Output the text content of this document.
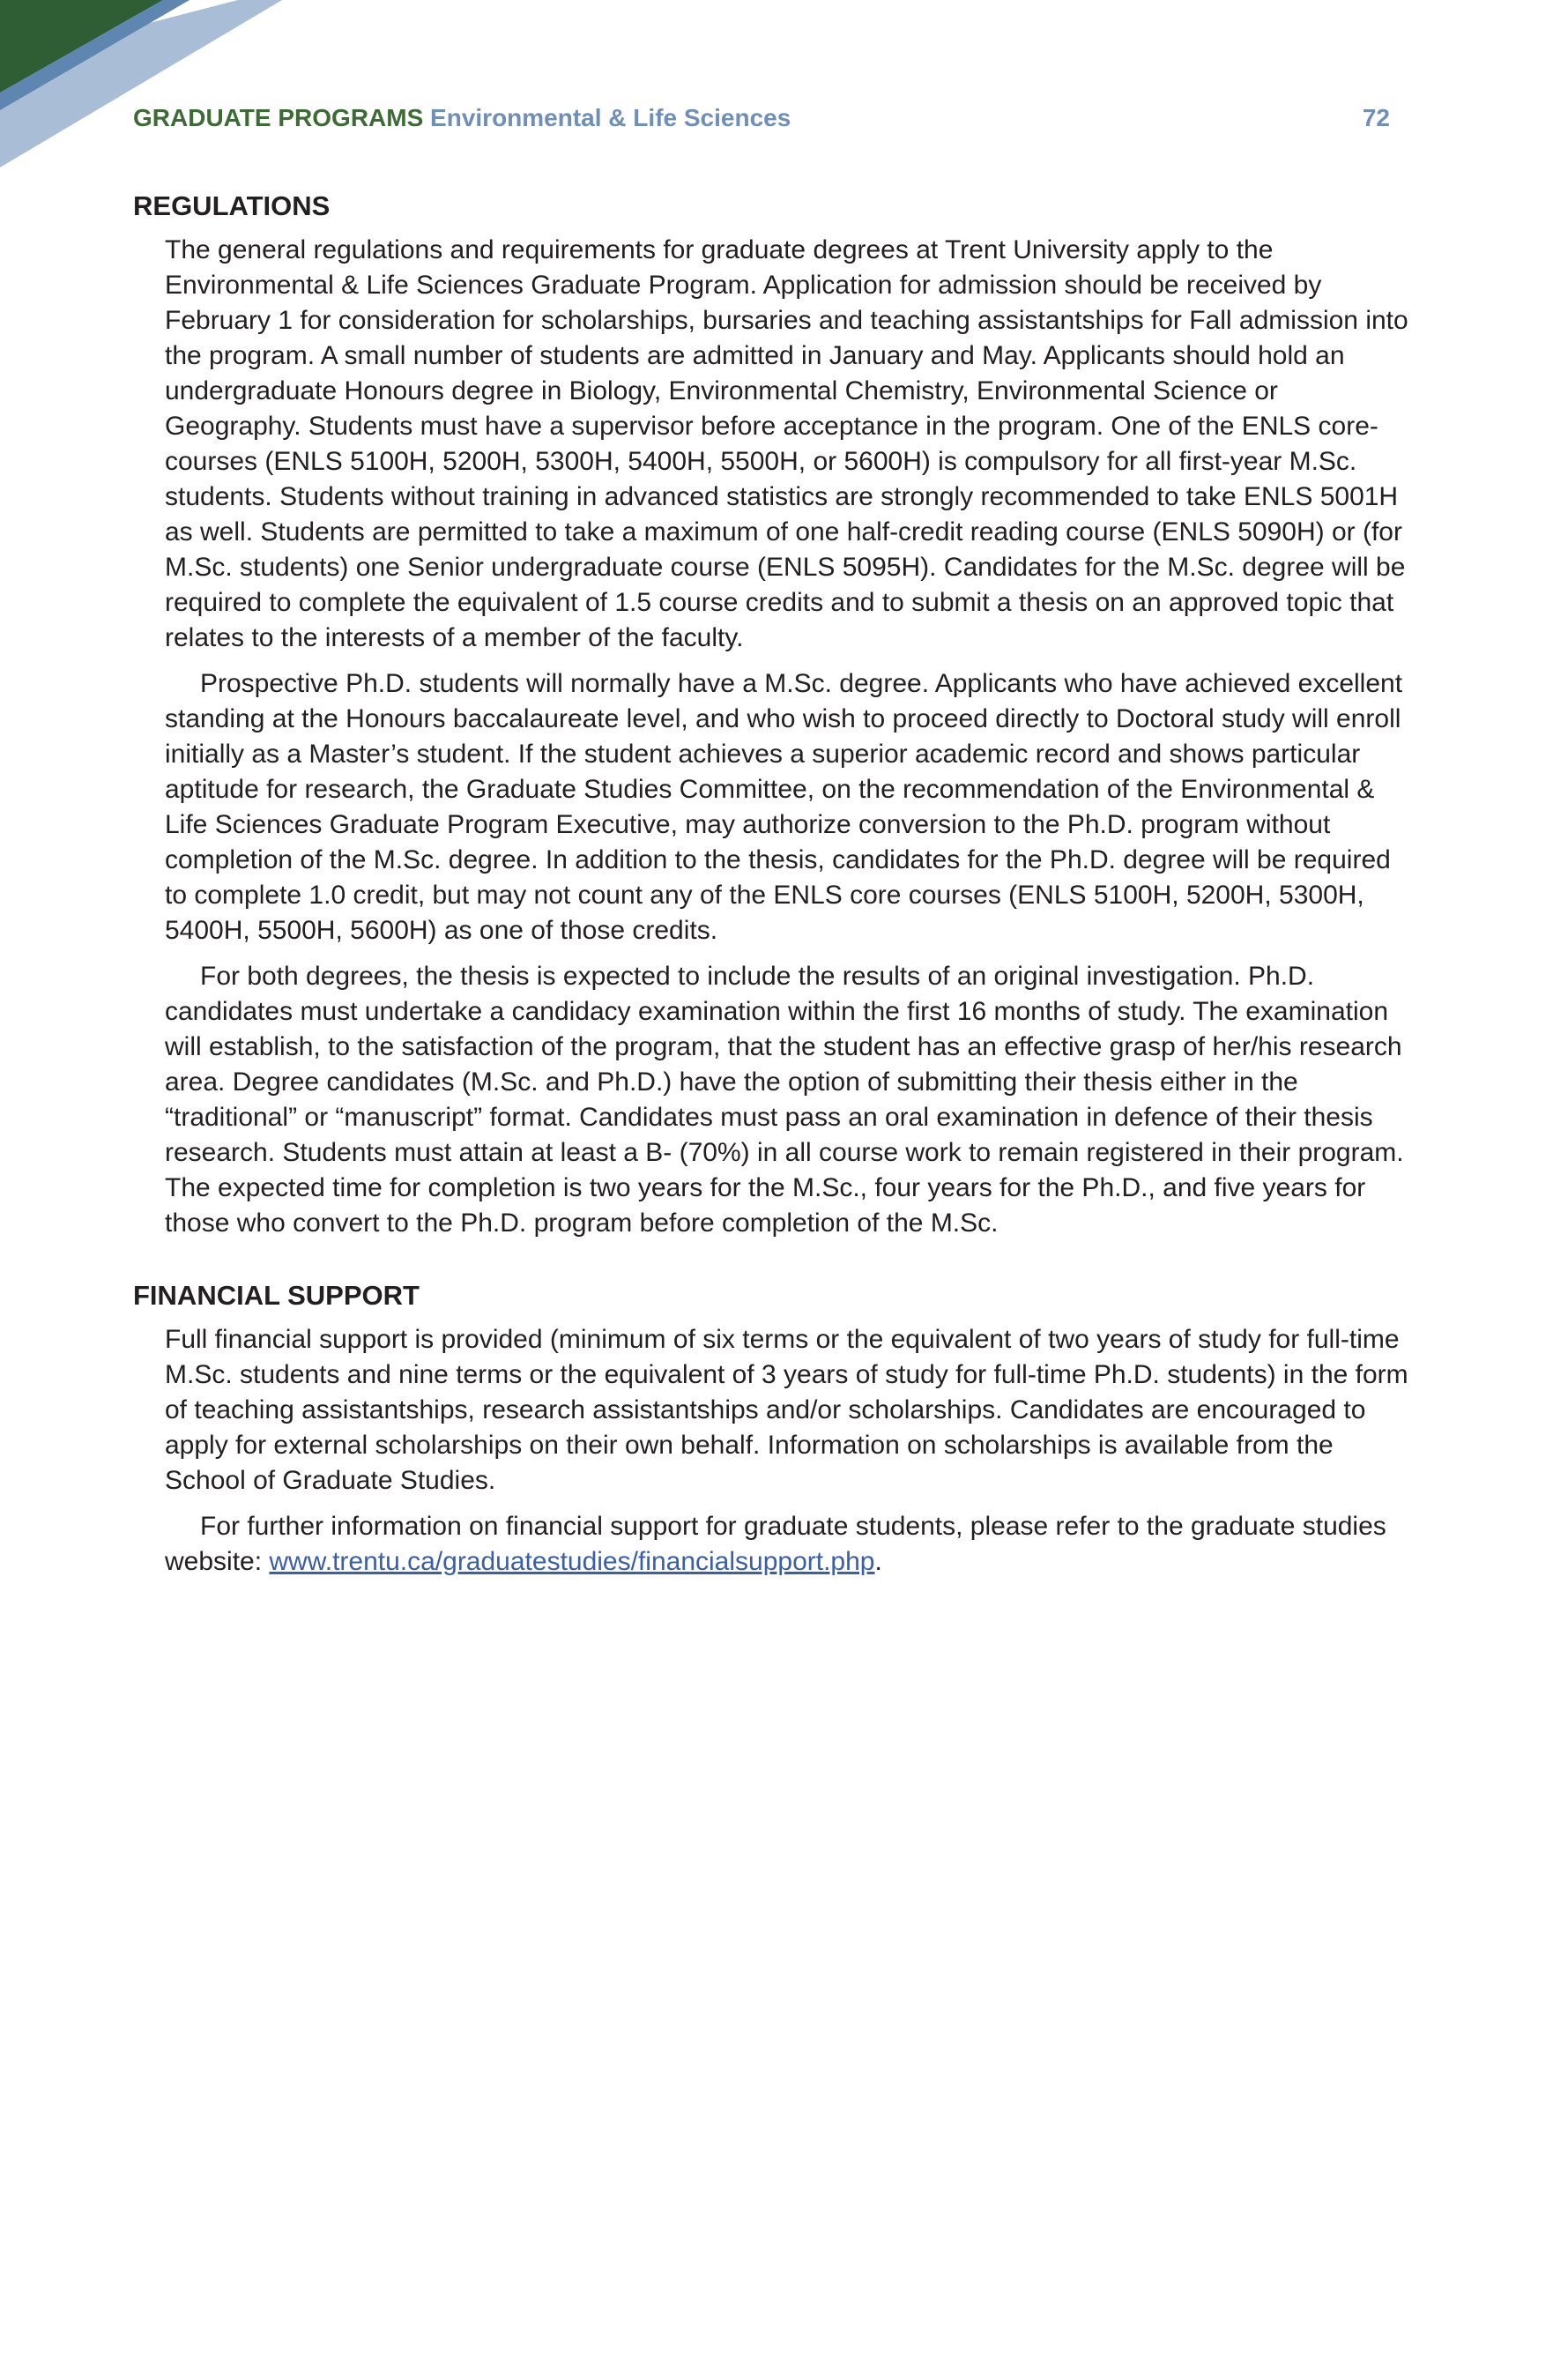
GRADUATE PROGRAMS Environmental & Life Sciences	72
REGULATIONS

The general regulations and requirements for graduate degrees at Trent University apply to the Environmental & Life Sciences Graduate Program. Application for admission should be received by February 1 for consideration for scholarships, bursaries and teaching assistantships for Fall admission into the program. A small number of students are admitted in January and May. Applicants should hold an undergraduate Honours degree in Biology, Environmental Chemistry, Environmental Science or Geography. Students must have a supervisor before acceptance in the program. One of the ENLS core-courses (ENLS 5100H, 5200H, 5300H, 5400H, 5500H, or 5600H) is compulsory for all first-year M.Sc. students. Students without training in advanced statistics are strongly recommended to take ENLS 5001H as well. Students are permitted to take a maximum of one half-credit reading course (ENLS 5090H) or (for M.Sc. students) one Senior undergraduate course (ENLS 5095H). Candidates for the M.Sc. degree will be required to complete the equivalent of 1.5 course credits and to submit a thesis on an approved topic that relates to the interests of a member of the faculty.

Prospective Ph.D. students will normally have a M.Sc. degree. Applicants who have achieved excellent standing at the Honours baccalaureate level, and who wish to proceed directly to Doctoral study will enroll initially as a Master’s student. If the student achieves a superior academic record and shows particular aptitude for research, the Graduate Studies Committee, on the recommendation of the Environmental & Life Sciences Graduate Program Executive, may authorize conversion to the Ph.D. program without completion of the M.Sc. degree. In addition to the thesis, candidates for the Ph.D. degree will be required to complete 1.0 credit, but may not count any of the ENLS core courses (ENLS 5100H, 5200H, 5300H, 5400H, 5500H, 5600H) as one of those credits.

For both degrees, the thesis is expected to include the results of an original investigation. Ph.D. candidates must undertake a candidacy examination within the first 16 months of study. The examination will establish, to the satisfaction of the program, that the student has an effective grasp of her/his research area. Degree candidates (M.Sc. and Ph.D.) have the option of submitting their thesis either in the “traditional” or “manuscript” format. Candidates must pass an oral examination in defence of their thesis research. Students must attain at least a B- (70%) in all course work to remain registered in their program. The expected time for completion is two years for the M.Sc., four years for the Ph.D., and five years for those who convert to the Ph.D. program before completion of the M.Sc.

FINANCIAL SUPPORT

Full financial support is provided (minimum of six terms or the equivalent of two years of study for full-time M.Sc. students and nine terms or the equivalent of 3 years of study for full-time Ph.D. students) in the form of teaching assistantships, research assistantships and/or scholarships. Candidates are encouraged to apply for external scholarships on their own behalf. Information on scholarships is available from the School of Graduate Studies.

For further information on financial support for graduate students, please refer to the graduate studies website: www.trentu.ca/graduatestudies/financialsupport.php.
